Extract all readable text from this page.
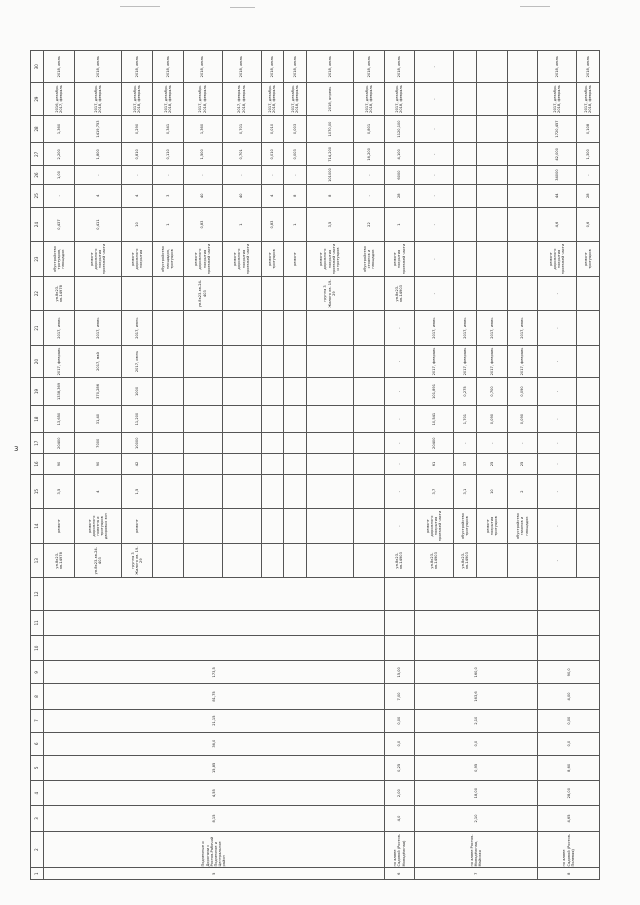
3
1	2	3	4	5	6	7	8	9	10	11	12	13	14	15	16	17	18	19	20	21	22	23	24	25	26	27	28	29	30
5	Подземные и Дорогами с Ростов-Рабочий Подземное и Центральное район	8,15	4,55	15,85	36,0	21,15	81,75	173,5				ул.8к23-кв-14978	ремонт	3,5	90	20400	13,650	1338,369	2017, февраль	2017, июль	ул.8к23-кв-14978	обустройство тротуаров, площадок	0,437	-	1,00	2,200	1,360	2016, декабрь 2017, февраль	2018, июль
												ул.8к23-кв-24-403	ремонт дорожного полотна и тротуаров дворовых зон	4	90	7000	31,40	370,286	2017, май	2017, июль		ремонт дорожного покрытия проезжей части	0,411	4	-	1,800	1419,753	2017, декабрь 2018, февраль	2018, июль
												группа 3 Жилого кв. 19-29	ремонт	1,5	42	10000	11,200	1000	2017, июнь	2017, июнь		ремонт дорожного покрытия	10	4	-	0,810	0,290	2017, декабрь 2018, февраль	2018, июль
																						обустройство площадок, тротуаров	1	3	-	0,110	0,341	2017, декабрь 2018, февраль	2018, июль
																					ул.8к23-кв-24-403	ремонт дорожного покрытия проезжей части	0,83	40	-	1,500	1,360	2017, декабрь 2018, февраль	2018, июль
																						ремонт дорожного покрытия проезжей части	1	40	-	0,701	0,701	2017, февраль 2018, февраль	2018, июль
																						ремонт тротуаров	0,83	4	-	0,010	0,010	2017, декабрь 2018, февраль	2018, июль
																						ремонт	1	8	-	0,003	0,003	2017, декабрь 2018, февраль	2018, июль
																					группа 3 Жилого кв. 19-29	ремонт дорожного покрытия проезжей части и тротуаров	3,5	8	101000	714,200	1070,00	2018, апрель	2018, июль
																						обустройство стоянок и площадок	22	-	-	16,200	0,801	2017, декабрь 2018, февраль	2018, июль
6	по аллее Садовой (Ростов-Молодёжная)	4,0	2,00	0,25	0,0	0,00	7,00	15,00				ул.8к23-кв-14903	-	-	-	-	-	-	-	-	ул.8к23-кв-14903	ремонт покрытия проезжей части	1	28	6000	4,100	1120,100	2017, декабрь 2018, февраль	2018, июль
7	по аллее Ростов-Молодёжная, Майская	2,10	18,00	0,95	0,0	2,10	163,6	160,0				ул.8к23-кв-14903	ремонт дорожного покрытия проезжей части	3,7	61	20400	10,541	101,891	2017, февраль	2017, июль	-	-	-	-	-	-	-	-	-
												ул.8к23-кв-14903	обустройство тротуаров	3,1	37	-	1,701	0,275	2017, февраль	2017, июль									
													ремонт покрытия тротуаров	10	25	-	0,090	0,700	2017, февраль	2017, июль									
													обустройство газонов и площадок	2	25	-	0,090	0,090	2017, февраль	2017, июль									
8	по аллее Садовой (Ростов-Полевая)	4,65	28,00	8,60	0,0	0,00	4,00	90,0				-	-	-	-	-	-	-	-	-	-	ремонт дорожного покрытия проезжей части	4,6	44	34000	42,000	1720,457	2017, декабрь 2018, февраль	2018, июль
																						ремонт тротуаров	0,6	28	-	1,300	0,108	2017, декабрь 2018, февраль	2018, июль
